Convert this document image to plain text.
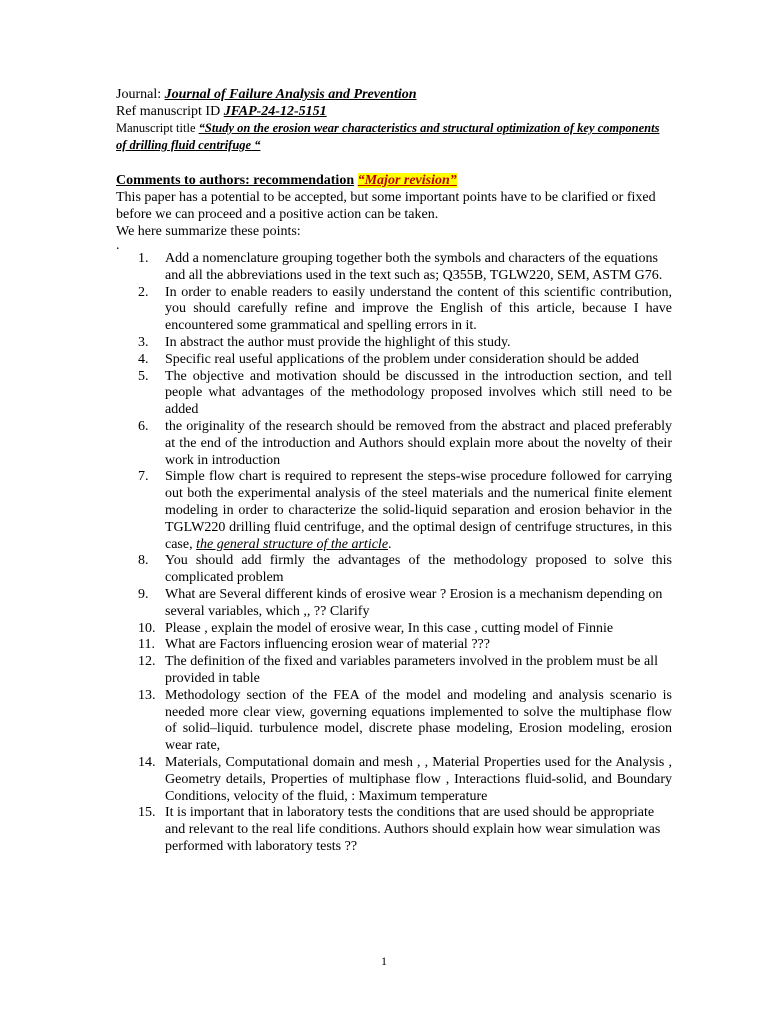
Journal: Journal of Failure Analysis and Prevention
Ref manuscript ID JFAP-24-12-5151
Manuscript title “Study on the erosion wear characteristics and structural optimization of key components of drilling fluid centrifuge “
Comments to authors: recommendation “Major revision”
This paper has a potential to be accepted, but some important points have to be clarified or fixed before we can proceed and a positive action can be taken.
We here summarize these points:
.
1.	Add a nomenclature grouping together both the symbols and characters of the equations and all the abbreviations used in the text such as; Q355B, TGLW220, SEM, ASTM G76.
2.	In order to enable readers to easily understand the content of this scientific contribution, you should carefully refine and improve the English of this article, because I have encountered some grammatical and spelling errors in it.
3.	In abstract the author must provide the highlight of this study.
4.	Specific real useful applications of the problem under consideration should be added
5.	The objective and motivation should be discussed in the introduction section, and tell people what advantages of the methodology proposed involves which still need to be added
6.	the originality of the research should be removed from the abstract and placed preferably at the end of the introduction and Authors should explain more about the novelty of their work in introduction
7.	Simple flow chart is required to represent the steps-wise procedure followed for carrying out both the experimental analysis of the steel materials and the numerical finite element modeling in order to characterize the solid-liquid separation and erosion behavior in the TGLW220 drilling fluid centrifuge, and the optimal design of centrifuge structures, in this case, the general structure of the article.
8.	You should add firmly the advantages of the methodology proposed to solve this complicated problem
9.	What are Several different kinds of erosive wear ? Erosion is a mechanism depending on several variables, which ,, ?? Clarify
10. Please , explain the model of erosive wear, In this case , cutting model of Finnie
11. What are Factors influencing erosion wear of material ???
12. The definition of the fixed and variables parameters involved in the problem must be all provided in table
13. Methodology section of the FEA of the model and modeling and analysis scenario is needed more clear view, governing equations implemented to solve the multiphase flow of solid–liquid. turbulence model, discrete phase modeling, Erosion modeling, erosion wear rate,
14. Materials, Computational domain and mesh , , Material Properties used for the Analysis , Geometry details, Properties of multiphase flow , Interactions fluid-solid, and Boundary Conditions, velocity of the fluid, : Maximum temperature
15. It is important that in laboratory tests the conditions that are used should be appropriate and relevant to the real life conditions. Authors should explain how wear simulation was performed with laboratory tests ??
1
